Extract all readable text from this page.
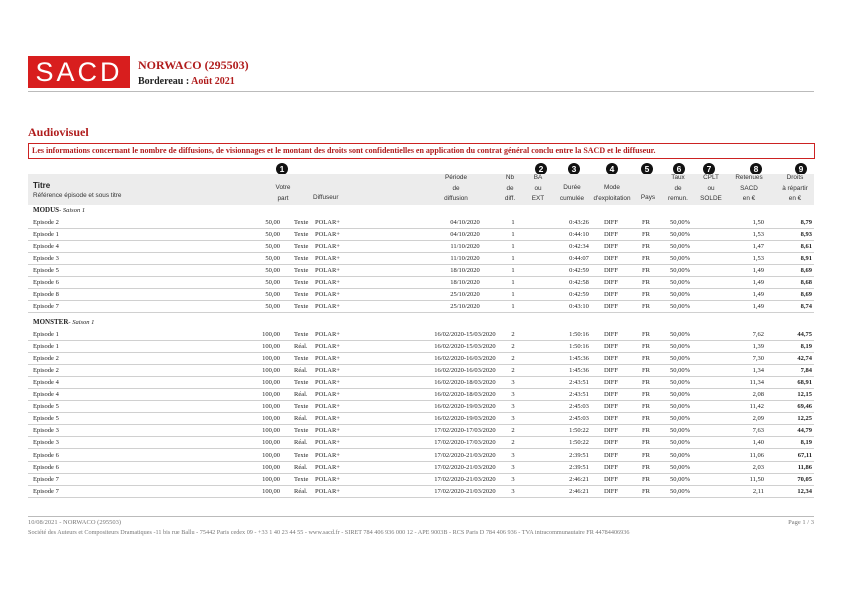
SACD	NORWACO (295503)
Bordereau : Août 2021
Audiovisuel
Les informations concernant le nombre de diffusions, de visionnages et le montant des droits sont confidentielles en application du contrat général conclu entre la SACD et le diffuseur.
1	2	3	4	5	6	7	8	9
Titre
Référence épisode et sous titre
Votre part	Diffuseur
Période
de
diffusion
Nb
de
diff.
BA
ou
EXT
Durée
cumulée
Mode
d'exploitation	Pays
Taux
de
remun.
CPLT
ou
SOLDE
Retenues
SACD
en €
Droits
à répartir
en €
MODUS- Saison 1
Episode 2	50,00 Texte POLAR+	04/10/2020	1	0:43:26	DIFF	FR	50,00%	1,50	8,79
Episode 1	50,00 Texte POLAR+	04/10/2020	1	0:44:10	DIFF	FR	50,00%	1,53	8,93
Episode 4	50,00 Texte POLAR+	11/10/2020	1	0:42:34	DIFF	FR	50,00%	1,47	8,61
Episode 3	50,00 Texte POLAR+	11/10/2020	1	0:44:07	DIFF	FR	50,00%	1,53	8,91
Episode 5	50,00 Texte POLAR+	18/10/2020	1	0:42:59	DIFF	FR	50,00%	1,49	8,69
Episode 6	50,00 Texte POLAR+	18/10/2020	1	0:42:58	DIFF	FR	50,00%	1,49	8,68
Episode 8	50,00 Texte POLAR+	25/10/2020	1	0:42:59	DIFF	FR	50,00%	1,49	8,69
Episode 7	50,00 Texte POLAR+	25/10/2020	1	0:43:10	DIFF	FR	50,00%	1,49	8,74
MONSTER- Saison 1
Episode 1	100,00 Texte POLAR+	16/02/2020-15/03/2020	2	1:50:16	DIFF	FR	50,00%	7,62	44,75
Episode 1	100,00 Réal. POLAR+	16/02/2020-15/03/2020	2	1:50:16	DIFF	FR	50,00%	1,39	8,19
Episode 2	100,00 Texte POLAR+	16/02/2020-16/03/2020	2	1:45:36	DIFF	FR	50,00%	7,30	42,74
Episode 2	100,00 Réal. POLAR+	16/02/2020-16/03/2020	2	1:45:36	DIFF	FR	50,00%	1,34	7,84
Episode 4	100,00 Texte POLAR+	16/02/2020-18/03/2020	3	2:43:51	DIFF	FR	50,00%	11,34	68,91
Episode 4	100,00 Réal. POLAR+	16/02/2020-18/03/2020	3	2:43:51	DIFF	FR	50,00%	2,08	12,15
Episode 5	100,00 Texte POLAR+	16/02/2020-19/03/2020	3	2:45:03	DIFF	FR	50,00%	11,42	69,46
Episode 5	100,00 Réal. POLAR+	16/02/2020-19/03/2020	3	2:45:03	DIFF	FR	50,00%	2,09	12,25
Episode 3	100,00 Texte POLAR+	17/02/2020-17/03/2020	2	1:50:22	DIFF	FR	50,00%	7,63	44,79
Episode 3	100,00 Réal. POLAR+	17/02/2020-17/03/2020	2	1:50:22	DIFF	FR	50,00%	1,40	8,19
Episode 6	100,00 Texte POLAR+	17/02/2020-21/03/2020	3	2:39:51	DIFF	FR	50,00%	11,06	67,11
Episode 6	100,00 Réal. POLAR+	17/02/2020-21/03/2020	3	2:39:51	DIFF	FR	50,00%	2,03	11,86
Episode 7	100,00 Texte POLAR+	17/02/2020-21/03/2020	3	2:46:21	DIFF	FR	50,00%	11,50	70,05
Episode 7	100,00 Réal. POLAR+	17/02/2020-21/03/2020	3	2:46:21	DIFF	FR	50,00%	2,11	12,34
10/08/2021 - NORWACO (295503)	Page 1 / 3
Société des Auteurs et Compositeurs Dramatiques -11 bis rue Ballu - 75442 Paris cedex 09 - +33 1 40 23 44 55 - www.sacd.fr - SIRET 784 406 936 000 12 - APE 9003B - RCS Paris D 784 406 936 - TVA intracommunautaire FR 44784406936
